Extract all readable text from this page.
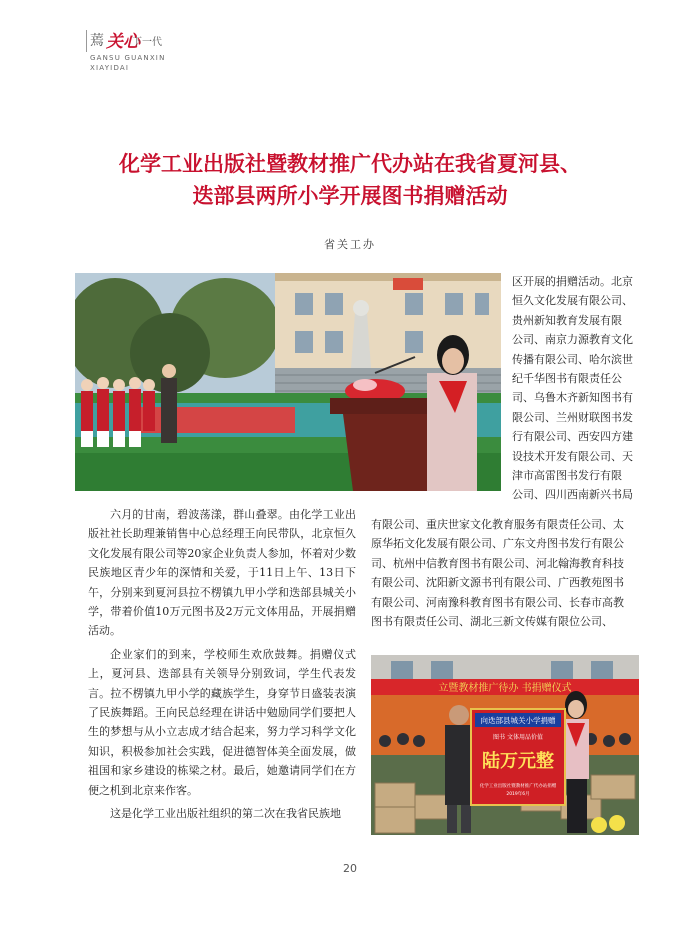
蔫 关心
下一代
GANSU GUANXIN
XIAYIDAI
化学工业出版社暨教材推广代办站在我省夏河县、
迭部县两所小学开展图书捐赠活动
省关工办
区开展的捐赠活动。北京
恒久文化发展有限公司、
贵州新知教育发展有限
公司、南京力源教育文化
传播有限公司、哈尔滨世
纪千华图书有限责任公
司、乌鲁木齐新知图书有
限公司、兰州财联图书发
行有限公司、西安四方建
设技术开发有限公司、天
津市高雷图书发行有限
公司、四川西南新兴书局
有限公司、重庆世家文化教育服务有限责任公司、太
原华拓文化发展有限公司、广东文舟图书发行有限公
司、杭州中信教育图书有限公司、河北翰海教育科技
有限公司、沈阳新文源书刊有限公司、广西教苑图书
有限公司、河南豫科教育图书有限公司、长春市高教
图书有限责任公司、湖北三新文传媒有限位公司、

六月的甘南，碧波荡漾，群山叠翠。由化学工业出版社社长助理兼销售中心总经理王向民带队，北京恒久文化发展有限公司等20家企业负责人参加，怀着对少数民族地区青少年的深情和关爱，于11日上午、13日下午，分别来到夏河县拉不楞镇九甲小学和迭部县城关小学，带着价值10万元图书及2万元文体用品，开展捐赠活动。

企业家们的到来，学校师生欢欣鼓舞。捐赠仪式上，夏河县、迭部县有关领导分别致词，学生代表发言。拉不楞镇九甲小学的藏族学生，身穿节日盛装表演了民族舞蹈。王向民总经理在讲话中勉励同学们要把人生的梦想与从小立志成才结合起来，努力学习科学文化知识，积极参加社会实践，促进德智体美全面发展，做祖国和家乡建设的栋梁之材。最后，她邀请同学们在方便之机到北京来作客。

这是化学工业出版社组织的第二次在我省民族地

立暨教材推广待办 书捐赠仪式
向迭部县城关小学捐赠
图书 文体用品价值
陆万元整
化学工业出版社暨教材推广代办站捐赠
2019年6月
20
